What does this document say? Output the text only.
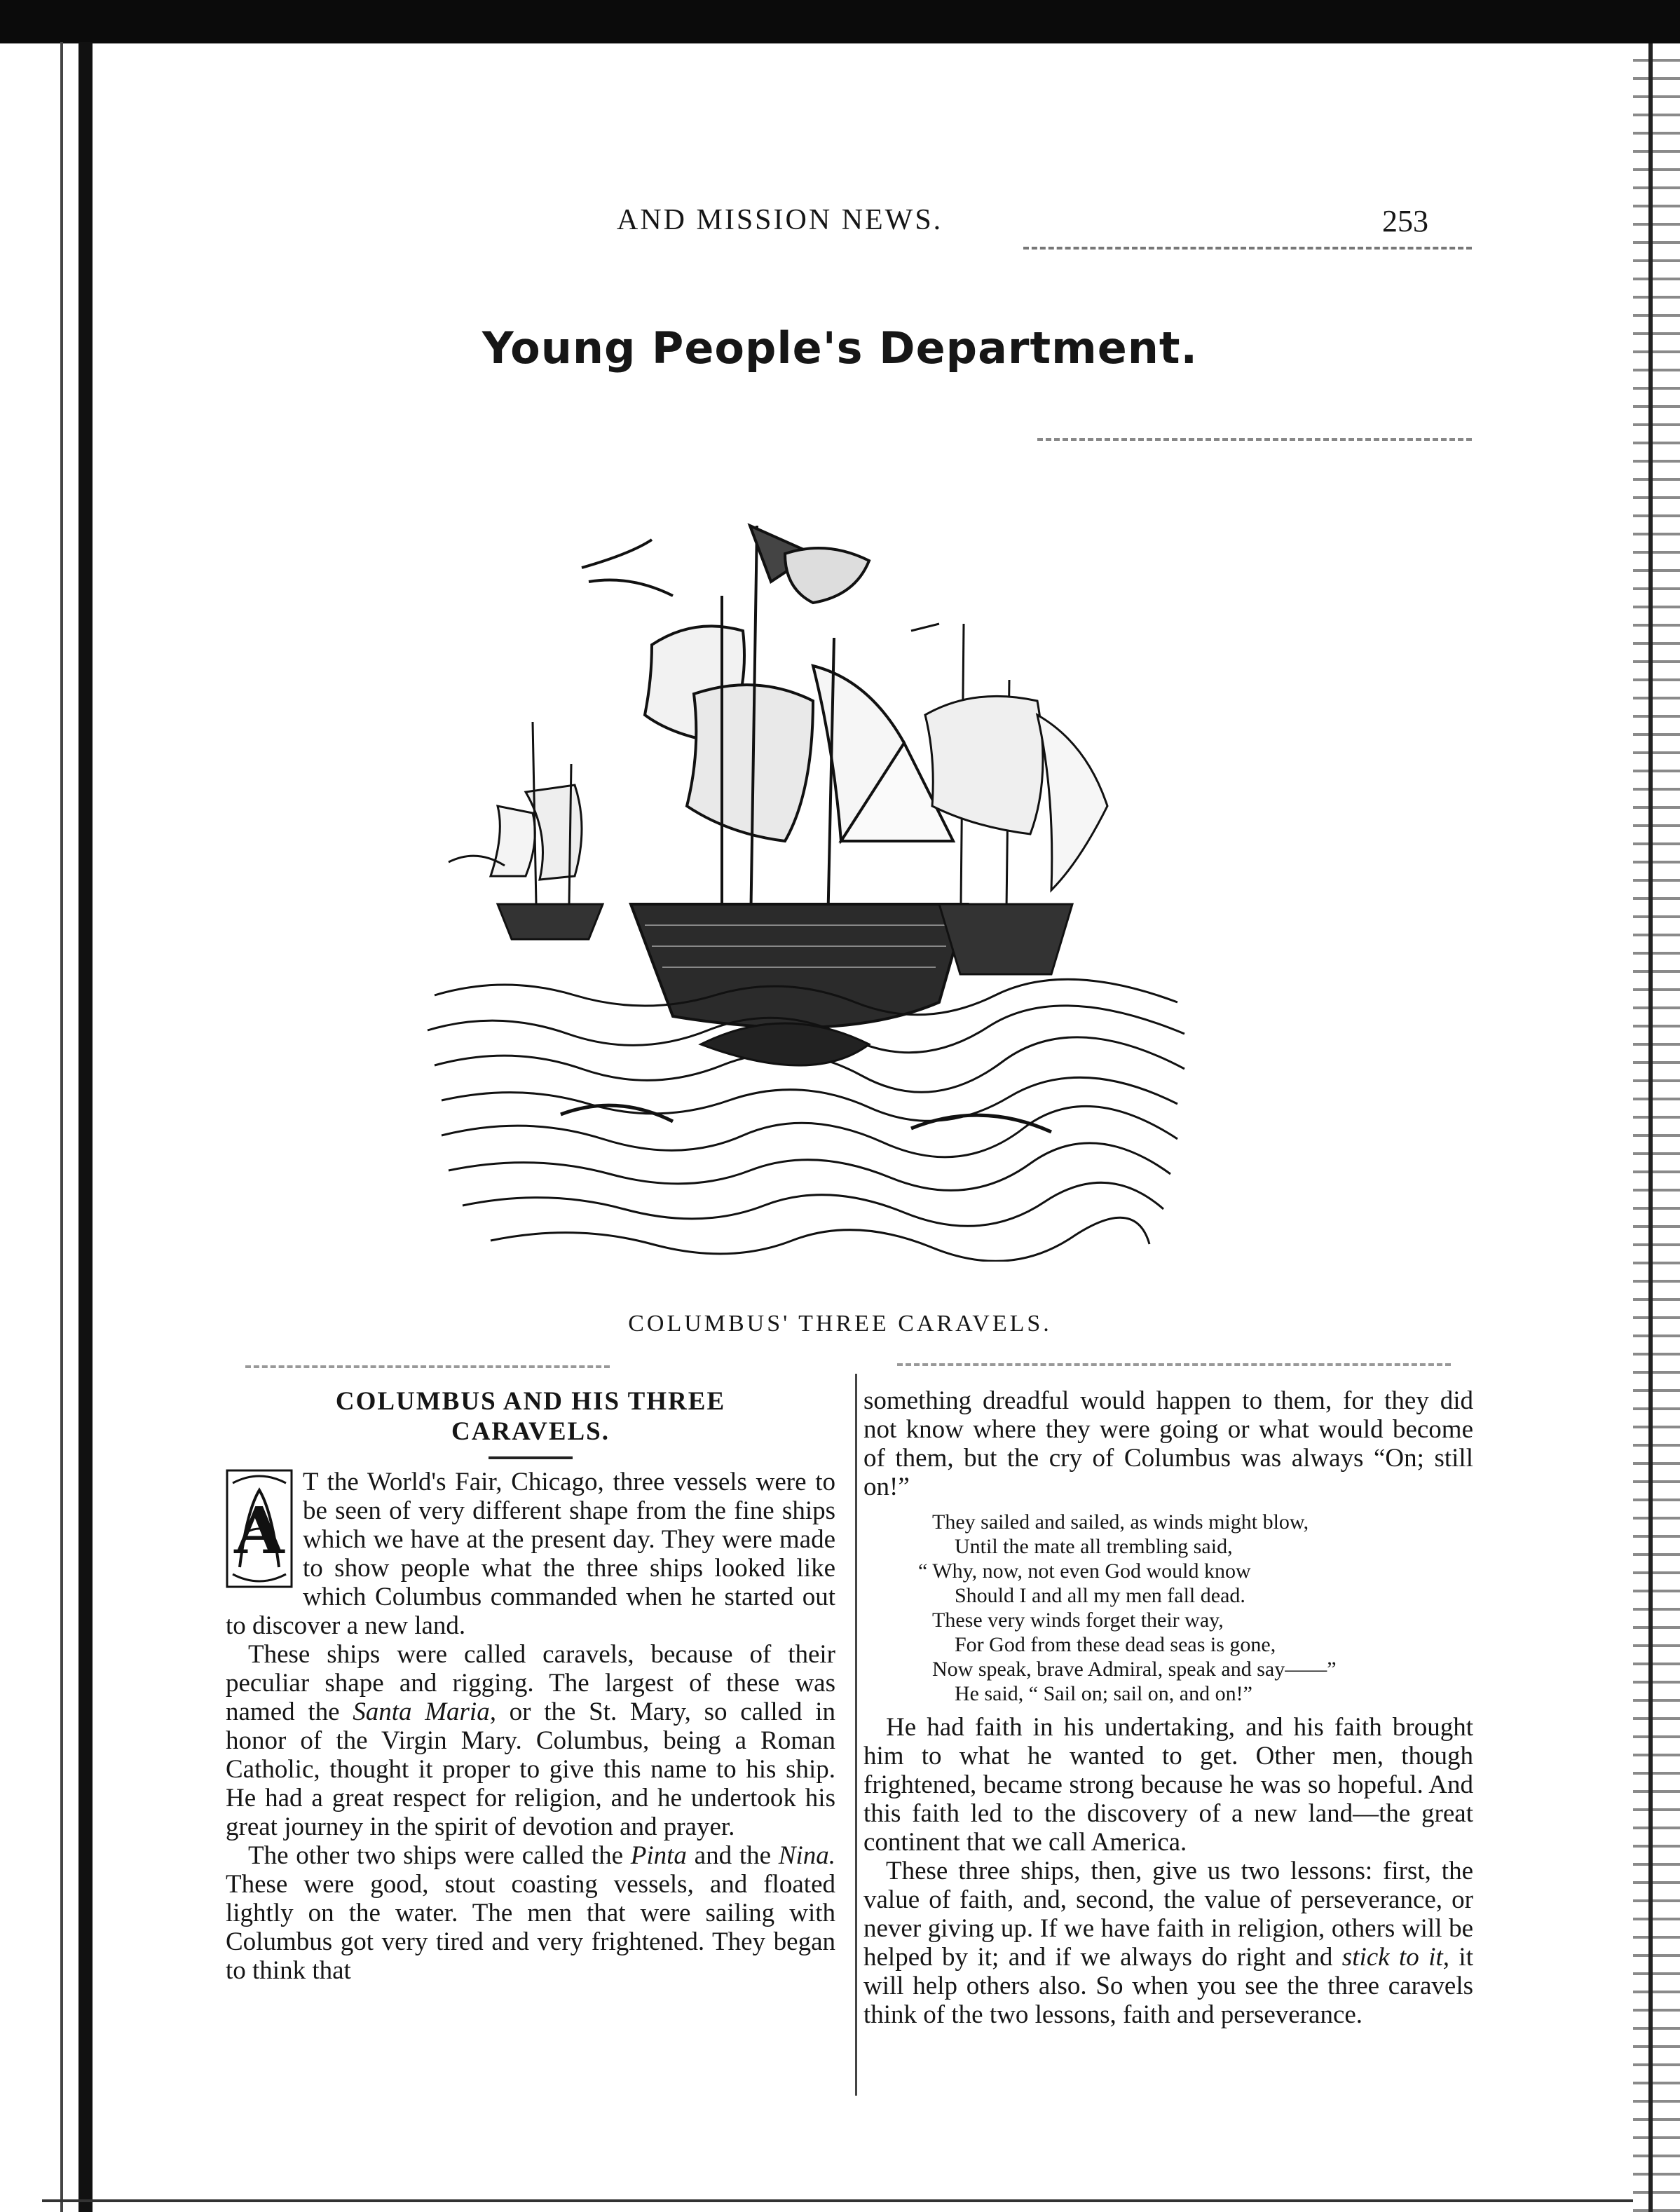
AND MISSION NEWS.	253
Young People's Department.
COLUMBUS' THREE CARAVELS.
COLUMBUS AND HIS THREE
CARAVELS.

A
T the World's Fair, Chicago, three vessels were to be seen of very different shape from the fine ships which we have at the present day. They were made to show people what the three ships looked like which Columbus commanded when he started out to discover a new land.

These ships were called caravels, because of their peculiar shape and rigging. The largest of these was named the Santa Maria, or the St. Mary, so called in honor of the Virgin Mary. Columbus, being a Roman Catholic, thought it proper to give this name to his ship. He had a great respect for religion, and he undertook his great journey in the spirit of devotion and prayer.

The other two ships were called the Pinta and the Nina. These were good, stout coasting vessels, and floated lightly on the water. The men that were sailing with Columbus got very tired and very frightened. They began to think that

something dreadful would happen to them, for they did not know where they were going or what would become of them, but the cry of Columbus was always “On; still on!”

They sailed and sailed, as winds might blow,
Until the mate all trembling said,
“ Why, now, not even God would know
Should I and all my men fall dead.
These very winds forget their way,
For God from these dead seas is gone,
Now speak, brave Admiral, speak and say——”
He said, “ Sail on; sail on, and on!”

He had faith in his undertaking, and his faith brought him to what he wanted to get. Other men, though frightened, became strong because he was so hopeful. And this faith led to the discovery of a new land—the great continent that we call America.

These three ships, then, give us two lessons: first, the value of faith, and, second, the value of perseverance, or never giving up. If we have faith in religion, others will be helped by it; and if we always do right and stick to it, it will help others also. So when you see the three caravels think of the two lessons, faith and perseverance.
